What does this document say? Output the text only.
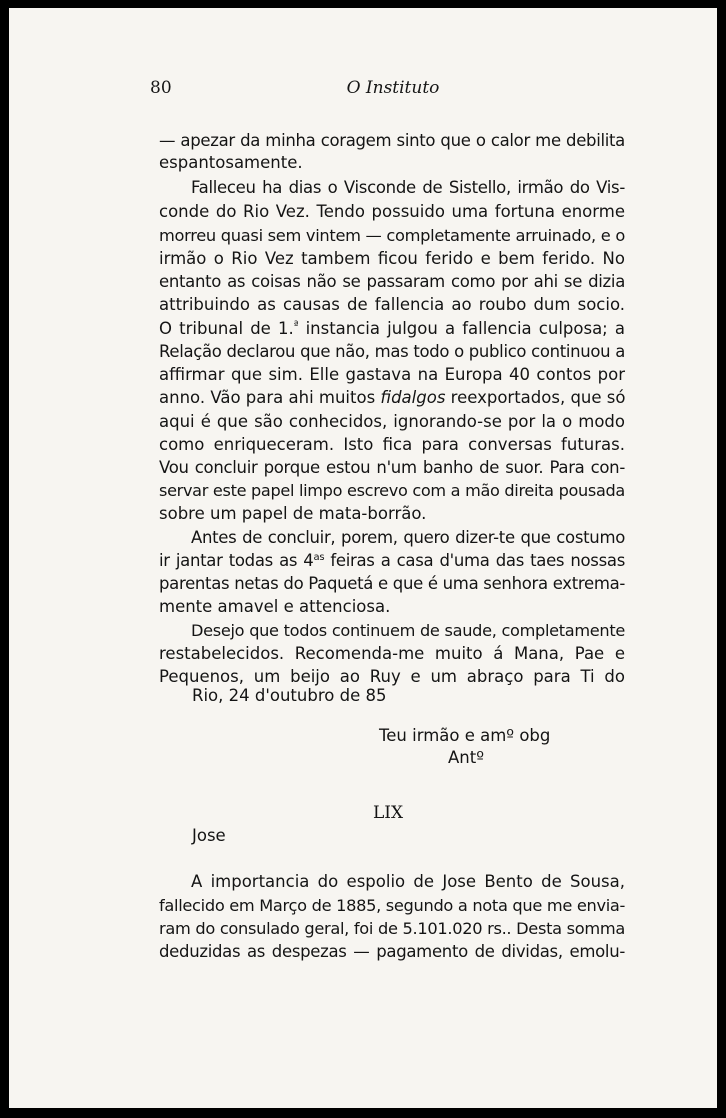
80	O Instituto
— apezar da minha coragem sinto que o calor me debilita
espantosamente.
Falleceu ha dias o Visconde de Sistello, irmão do Vis-
conde do Rio Vez. Tendo possuido uma fortuna enorme
morreu quasi sem vintem — completamente arruinado, e o
irmão o Rio Vez tambem ficou ferido e bem ferido. No
entanto as coisas não se passaram como por ahi se dizia
attribuindo as causas de fallencia ao roubo dum socio.
O tribunal de 1.$^ª$ instancia julgou a fallencia culposa; a
Relação declarou que não, mas todo o publico continuou a
affirmar que sim. Elle gastava na Europa 40 contos por
anno. Vão para ahi muitos fidalgos reexportados, que só
aqui é que são conhecidos, ignorando-se por la o modo
como enriqueceram. Isto fica para conversas futuras.
Vou concluir porque estou n'um banho de suor. Para con-
servar este papel limpo escrevo com a mão direita pousada
sobre um papel de mata-borrão.
Antes de concluir, porem, quero dizer-te que costumo
ir jantar todas as $4^{as}$ feiras a casa d'uma das taes nossas
parentas netas do Paquetá e que é uma senhora extrema-
mente amavel e attenciosa.
Desejo que todos continuem de saude, completamente
restabelecidos. Recomenda-me muito á Mana, Pae e
Pequenos, um beijo ao Ruy e um abraço para Ti do
Rio, 24 d'outubro de 85
Teu irmão e amº obg
Antº
LIX
Jose
A importancia do espolio de Jose Bento de Sousa,
fallecido em Março de 1885, segundo a nota que me envia-
ram do consulado geral, foi de 5.101.020 rs.. Desta somma
deduzidas as despezas — pagamento de dividas, emolu-
